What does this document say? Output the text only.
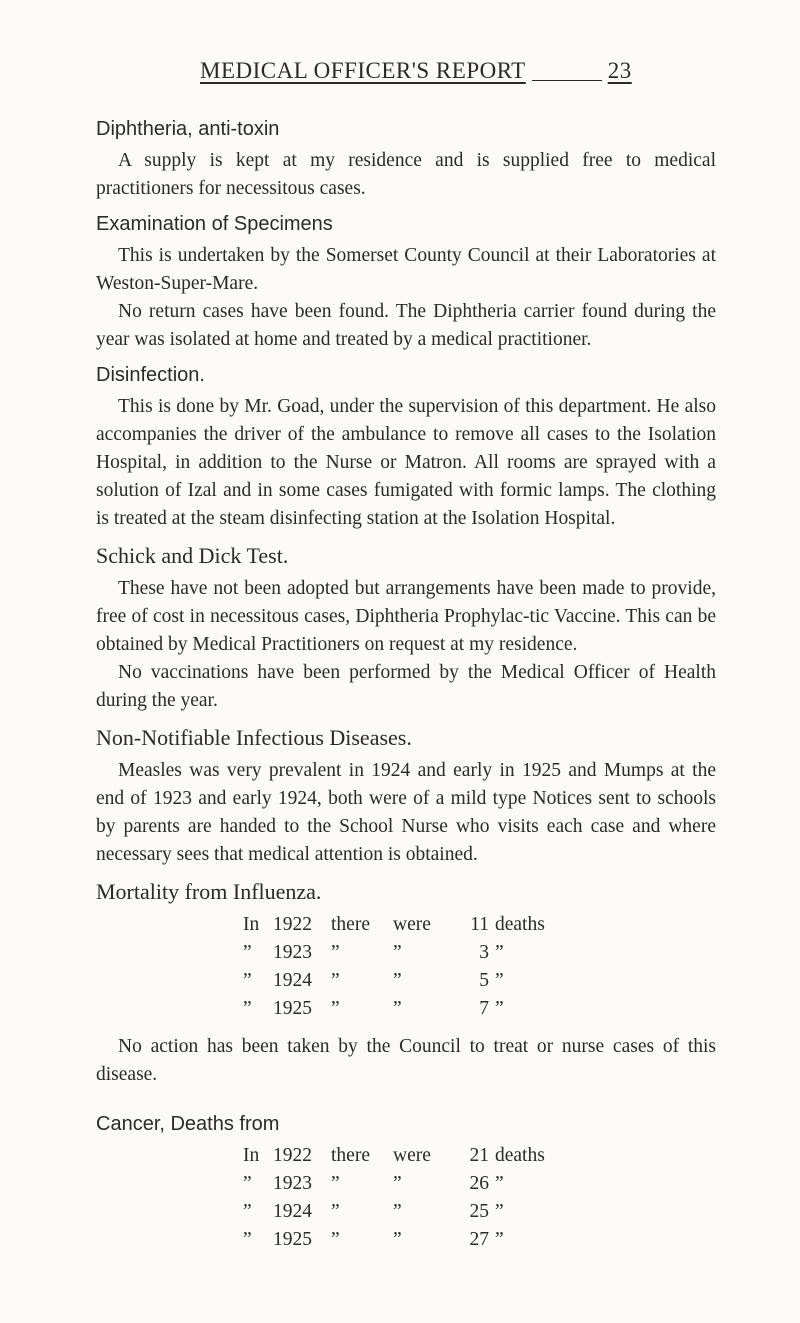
MEDICAL OFFICER'S REPORT	23
Diphtheria, anti-toxin

A supply is kept at my residence and is supplied free to medical practitioners for necessitous cases.

Examination of Specimens

This is undertaken by the Somerset County Council at their Laboratories at Weston-Super-Mare.

No return cases have been found. The Diphtheria carrier found during the year was isolated at home and treated by a medical practitioner.

Disinfection.

This is done by Mr. Goad, under the supervision of this department. He also accompanies the driver of the ambulance to remove all cases to the Isolation Hospital, in addition to the Nurse or Matron. All rooms are sprayed with a solution of Izal and in some cases fumigated with formic lamps. The clothing is treated at the steam disinfecting station at the Isolation Hospital.

Schick and Dick Test.

These have not been adopted but arrangements have been made to provide, free of cost in necessitous cases, Diphtheria Prophylac-tic Vaccine. This can be obtained by Medical Practitioners on request at my residence.

No vaccinations have been performed by the Medical Officer of Health during the year.

Non-Notifiable Infectious Diseases.

Measles was very prevalent in 1924 and early in 1925 and Mumps at the end of 1923 and early 1924, both were of a mild type Notices sent to schools by parents are handed to the School Nurse who visits each case and where necessary sees that medical attention is obtained.

Mortality from Influenza.
In 1922 there	were	11 deaths
”	1923 ”	”	3 ”
”	1924 ”	”	5 ”
”	1925 ”	”	7 ”

No action has been taken by the Council to treat or nurse cases of this disease.

Cancer, Deaths from
In 1922 there	were	21 deaths
”	1923 ”	”	26 ”
”	1924 ”	”	25 ”
”	1925 ”	”	27 ”
